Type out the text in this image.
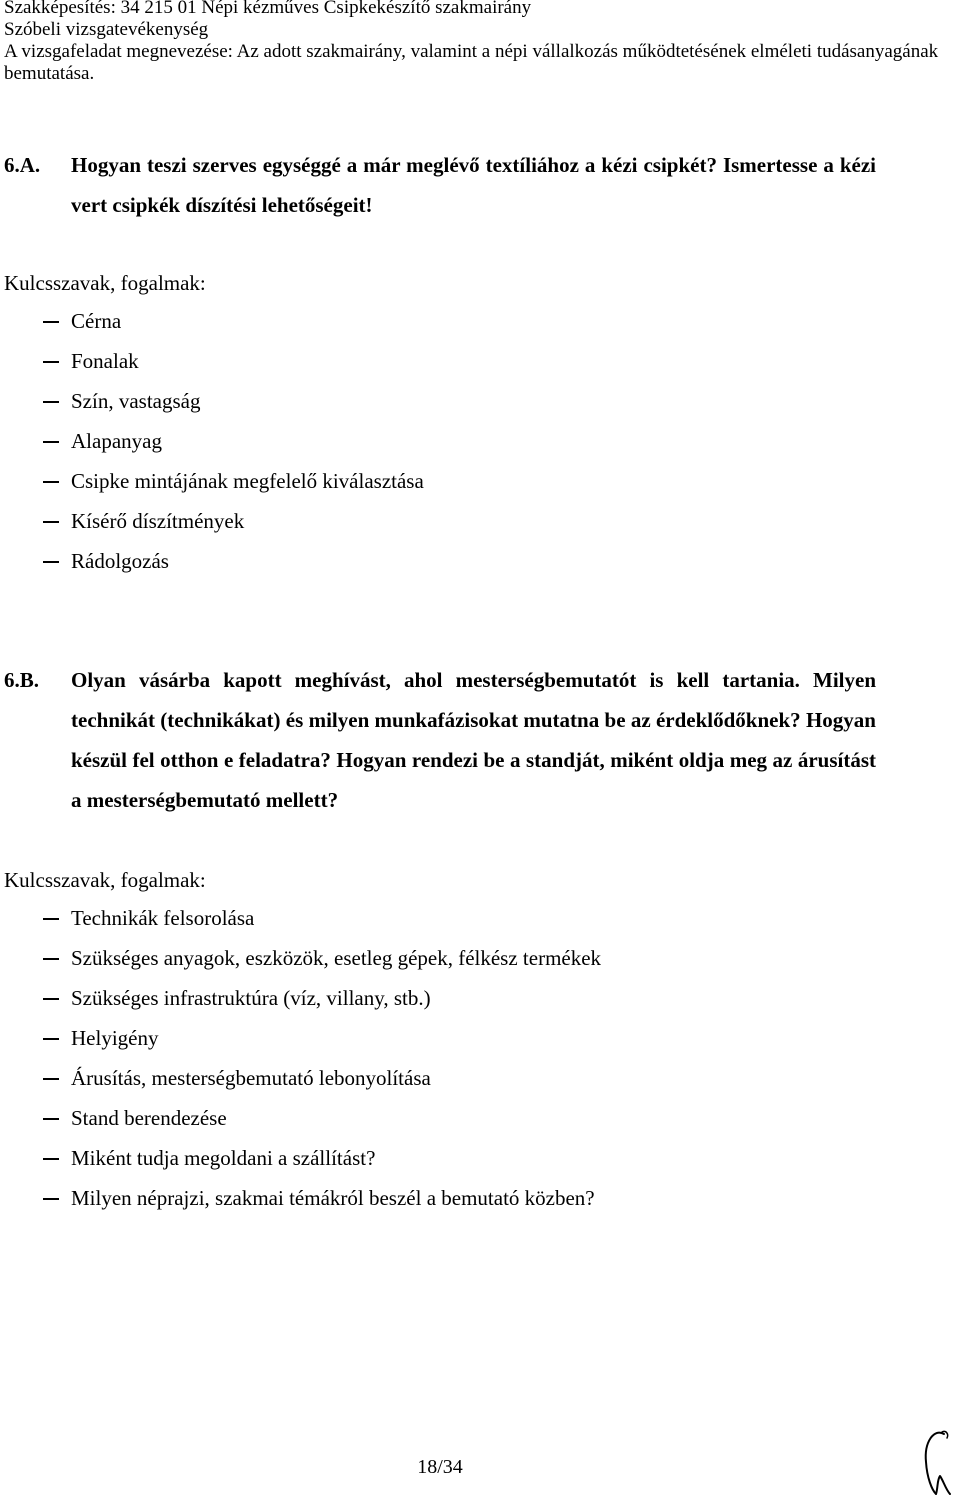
Szakképesítés: 34 215 01 Népi kézműves Csipkekészítő szakmairány
Szóbeli vizsgatevékenység
A vizsgafeladat megnevezése: Az adott szakmairány, valamint a népi vállalkozás működtetésének elméleti tudásanyagának bemutatása.
6.A.	Hogyan teszi szerves egységgé a már meglévő textíliához a kézi csipkét? Ismertesse a kézi vert csipkék díszítési lehetőségeit!
Kulcsszavak, fogalmak:
Cérna
Fonalak
Szín, vastagság
Alapanyag
Csipke mintájának megfelelő kiválasztása
Kísérő díszítmények
Rádolgozás
6.B.	Olyan vásárba kapott meghívást, ahol mesterségbemutatót is kell tartania. Milyen technikát (technikákat) és milyen munkafázisokat mutatna be az érdeklődőknek? Hogyan készül fel otthon e feladatra? Hogyan rendezi be a standját, miként oldja meg az árusítást a mesterségbemutató mellett?
Kulcsszavak, fogalmak:
Technikák felsorolása
Szükséges anyagok, eszközök, esetleg gépek, félkész termékek
Szükséges infrastruktúra (víz, villany, stb.)
Helyigény
Árusítás, mesterségbemutató lebonyolítása
Stand berendezése
Miként tudja megoldani a szállítást?
Milyen néprajzi, szakmai témákról beszél a bemutató közben?
18/34
